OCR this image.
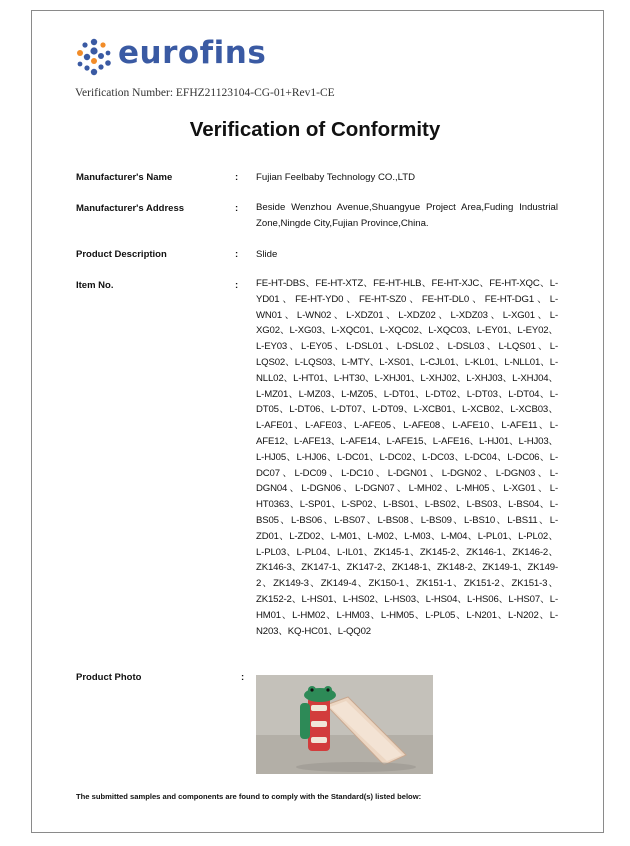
eurofins
Verification Number: EFHZ21123104-CG-01+Rev1-CE
Verification of Conformity
Manufacturer's Name	: Fujian Feelbaby Technology CO.,LTD
Manufacturer's Address	: Beside Wenzhou Avenue,Shuangyue Project Area,Fuding Industrial Zone,Ningde City,Fujian Province,China.
Product Description	: Slide
Item No.	: FE-HT-DBS、FE-HT-XTZ、FE-HT-HLB、FE-HT-XJC、FE-HT-XQC、L-YD01、FE-HT-YD0、FE-HT-SZ0、FE-HT-DL0、FE-HT-DG1、L-WN01、L-WN02、L-XDZ01、L-XDZ02、L-XDZ03、L-XG01、L-XG02、L-XG03、L-XQC01、L-XQC02、L-XQC03、L-EY01、L-EY02、L-EY03、L-EY05、L-DSL01、L-DSL02、L-DSL03、L-LQS01、L-LQS02、L-LQS03、L-MTY、L-XS01、L-CJL01、L-KL01、L-NLL01、L-NLL02、L-HT01、L-HT30、L-XHJ01、L-XHJ02、L-XHJ03、L-XHJ04、L-MZ01、L-MZ03、L-MZ05、L-DT01、L-DT02、L-DT03、L-DT04、L-DT05、L-DT06、L-DT07、L-DT09、L-XCB01、L-XCB02、L-XCB03、L-AFE01、L-AFE03、L-AFE05、L-AFE08、L-AFE10、L-AFE11、L-AFE12、L-AFE13、L-AFE14、L-AFE15、L-AFE16、L-HJ01、L-HJ03、L-HJ05、L-HJ06、L-DC01、L-DC02、L-DC03、L-DC04、L-DC06、L-DC07、L-DC09、L-DC10、L-DGN01、L-DGN02、L-DGN03、L-DGN04、L-DGN06、L-DGN07、L-MH02、L-MH05、L-XG01、L-HT0363、L-SP01、L-SP02、L-BS01、L-BS02、L-BS03、L-BS04、L-BS05、L-BS06、L-BS07、L-BS08、L-BS09、L-BS10、L-BS11、L-ZD01、L-ZD02、L-M01、L-M02、L-M03、L-M04、L-PL01、L-PL02、L-PL03、L-PL04、L-IL01、ZK145-1、ZK145-2、ZK146-1、ZK146-2、ZK146-3、ZK147-1、ZK147-2、ZK148-1、ZK148-2、ZK149-1、ZK149-2、ZK149-3、ZK149-4、ZK150-1、ZK151-1、ZK151-2、ZK151-3、ZK152-2、L-HS01、L-HS02、L-HS03、L-HS04、L-HS06、L-HS07、L-HM01、L-HM02、L-HM03、L-HM05、L-PL05、L-N201、L-N202、L-N203、KQ-HC01、L-QQ02
Product Photo	:
The submitted samples and components are found to comply with the Standard(s) listed below:
